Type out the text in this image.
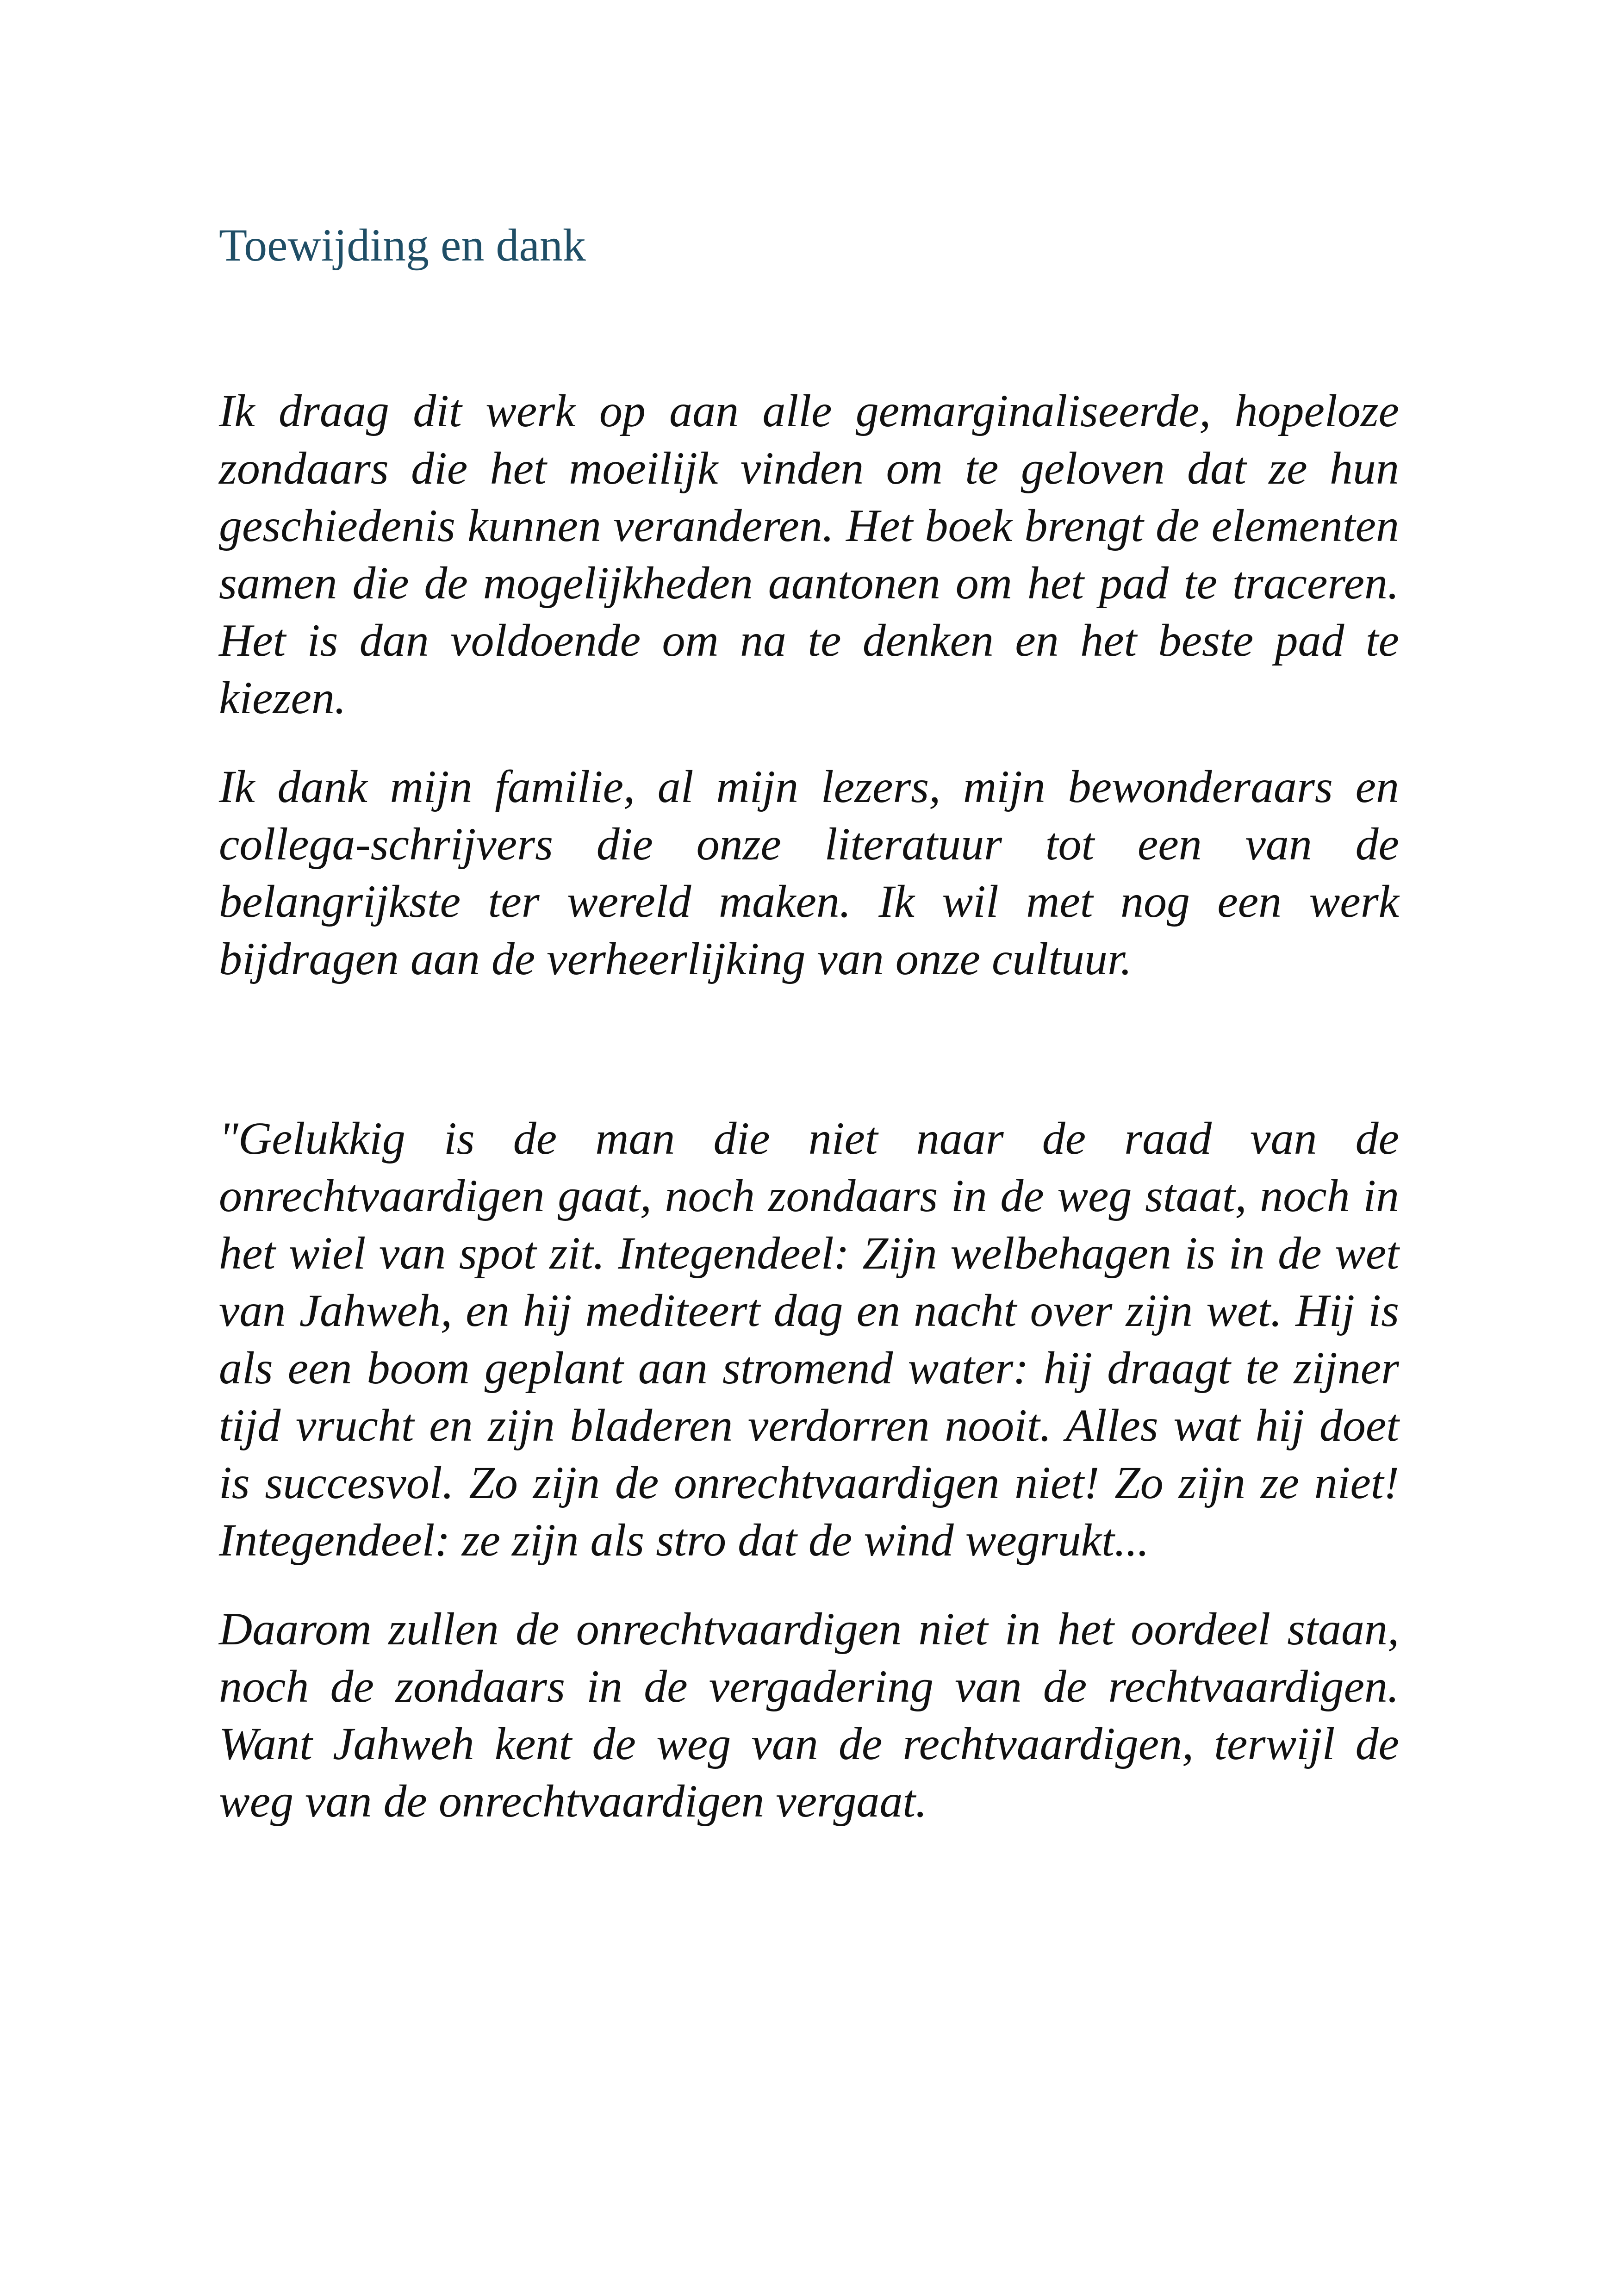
Toewijding en dank

Ik draag dit werk op aan alle gemarginaliseerde, hopeloze zondaars die het moeilijk vinden om te geloven dat ze hun geschiedenis kunnen veranderen. Het boek brengt de elementen samen die de mogelijkheden aantonen om het pad te traceren. Het is dan voldoende om na te denken en het beste pad te kiezen.

Ik dank mijn familie, al mijn lezers, mijn bewonderaars en collega-schrijvers die onze literatuur tot een van de belangrijkste ter wereld maken. Ik wil met nog een werk bijdragen aan de verheerlijking van onze cultuur.

"Gelukkig is de man die niet naar de raad van de onrechtvaardigen gaat, noch zondaars in de weg staat, noch in het wiel van spot zit. Integendeel: Zijn welbehagen is in de wet van Jahweh, en hij mediteert dag en nacht over zijn wet. Hij is als een boom geplant aan stromend water: hij draagt te zijner tijd vrucht en zijn bladeren verdorren nooit. Alles wat hij doet is succesvol. Zo zijn de onrechtvaardigen niet! Zo zijn ze niet! Integendeel: ze zijn als stro dat de wind wegrukt...

Daarom zullen de onrechtvaardigen niet in het oordeel staan, noch de zondaars in de vergadering van de rechtvaardigen. Want Jahweh kent de weg van de rechtvaardigen, terwijl de weg van de onrechtvaardigen vergaat.
